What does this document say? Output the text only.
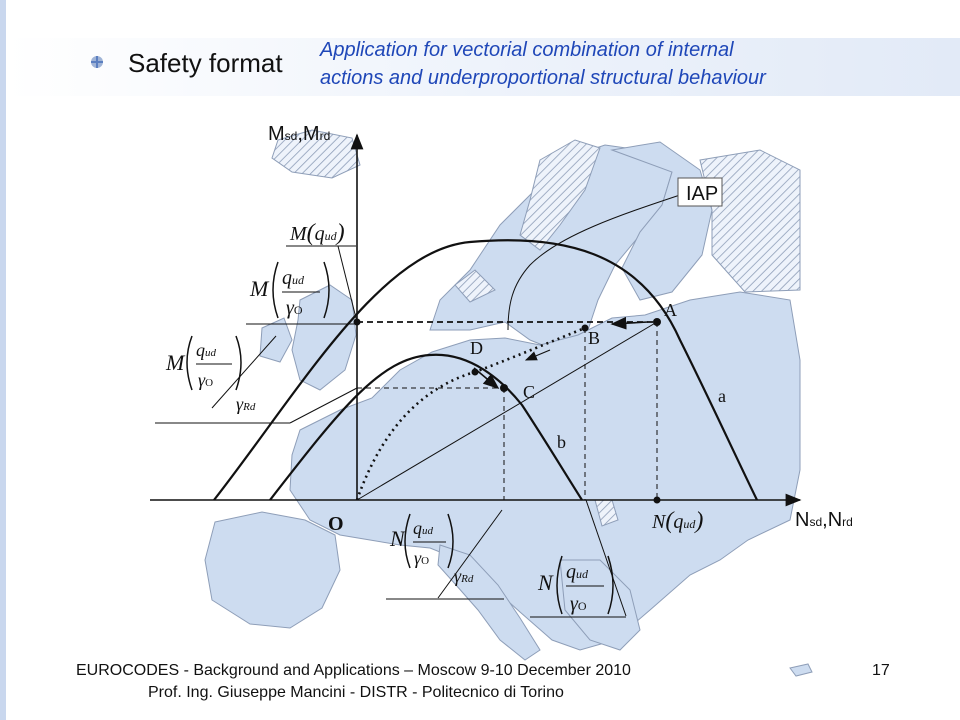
Safety format Application for vectorial combination of internal
actions and underproportional structural behaviour
IAP
A
B
C
D
a
b
O
Msd,Mrd
Nsd,Nrd
M(qud)
M qud
γO
M qud
γO
γRd
N(qud)
N qud
γO
γRd	N qud
γO
EUROCODES - Background and Applications – Moscow 9-10 December 2010
Prof. Ing. Giuseppe Mancini - DISTR - Politecnico di Torino
17
